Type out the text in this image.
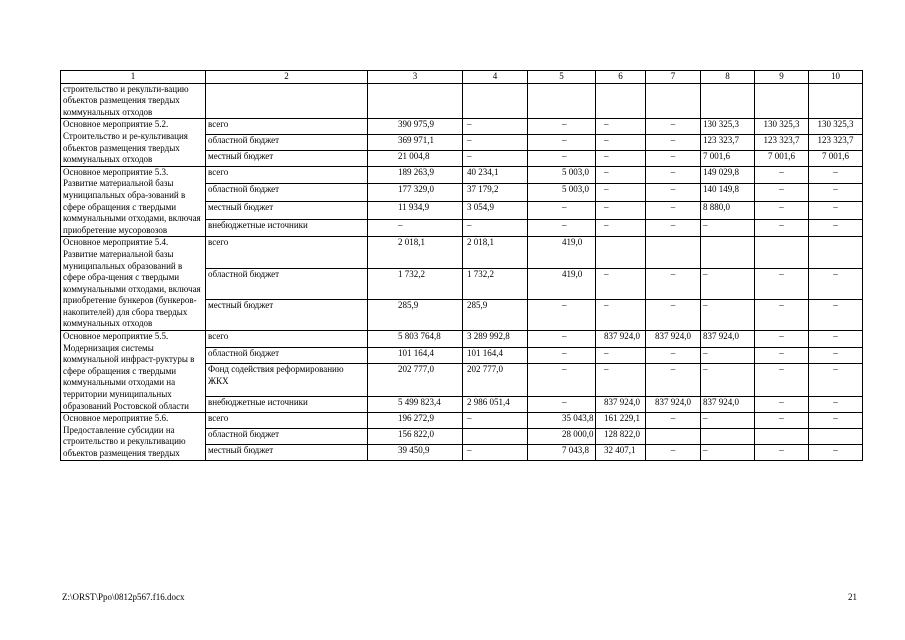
1	2	3	4	5	6	7	8	9	10
строительство и рекульти-вацию объектов размещения твердых коммунальных отходов									
Основное мероприятие 5.2. Строительство и ре-культивация объектов размещения твердых коммунальных отходов	всего	390 975,9	–	–	–	–	130 325,3	130 325,3	130 325,3
	областной бюджет	369 971,1	–	–	–	–	123 323,7	123 323,7	123 323,7
	местный бюджет	21 004,8	–	–	–	–	7 001,6	7 001,6	7 001,6
Основное мероприятие 5.3. Развитие материальной базы муниципальных обра-зований в сфере обращения с твердыми коммунальными отходами, включая приобретение мусоровозов	всего	189 263,9	40 234,1	5 003,0	–	–	149 029,8	–	–
	областной бюджет	177 329,0	37 179,2	5 003,0	–	–	140 149,8	–	–
	местный бюджет	11 934,9	3 054,9	–	–	–	8 880,0	–	–
	внебюджетные источники	–	–	–	–	–	–	–	–
Основное мероприятие 5.4. Развитие материальной базы муниципальных образований в сфере обра-щения с твердыми коммунальными отходами, включая приобретение бункеров (бункеров-накопителей) для сбора твердых коммунальных отходов	всего	2 018,1	2 018,1	419,0					
	областной бюджет	1 732,2	1 732,2	419,0	–	–	–	–	–
	местный бюджет	285,9	285,9	–	–	–	–	–	–
Основное мероприятие 5.5. Модернизация системы коммунальной инфраст-руктуры в сфере обращения с твердыми коммунальными отходами на территории муниципальных образований Ростовской области	всего	5 803 764,8	3 289 992,8	–	837 924,0	837 924,0	837 924,0	–	–
	областной бюджет	101 164,4	101 164,4	–	–	–	–	–	–
	Фонд содействия реформированию ЖКХ	202 777,0	202 777,0	–	–	–	–	–	–
	внебюджетные источники	5 499 823,4	2 986 051,4	–	837 924,0	837 924,0	837 924,0	–	–
Основное мероприятие 5.6. Предоставление субсидии на строительство и рекультивацию объектов размещения твердых	всего	196 272,9	–	35 043,8	161 229,1	–	–	–	–
	областной бюджет	156 822,0		28 000,0	128 822,0				
	местный бюджет	39 450,9	–	7 043,8	32 407,1	–	–	–	–
Z:\ORST\Ppo\0812p567.f16.docx	21
